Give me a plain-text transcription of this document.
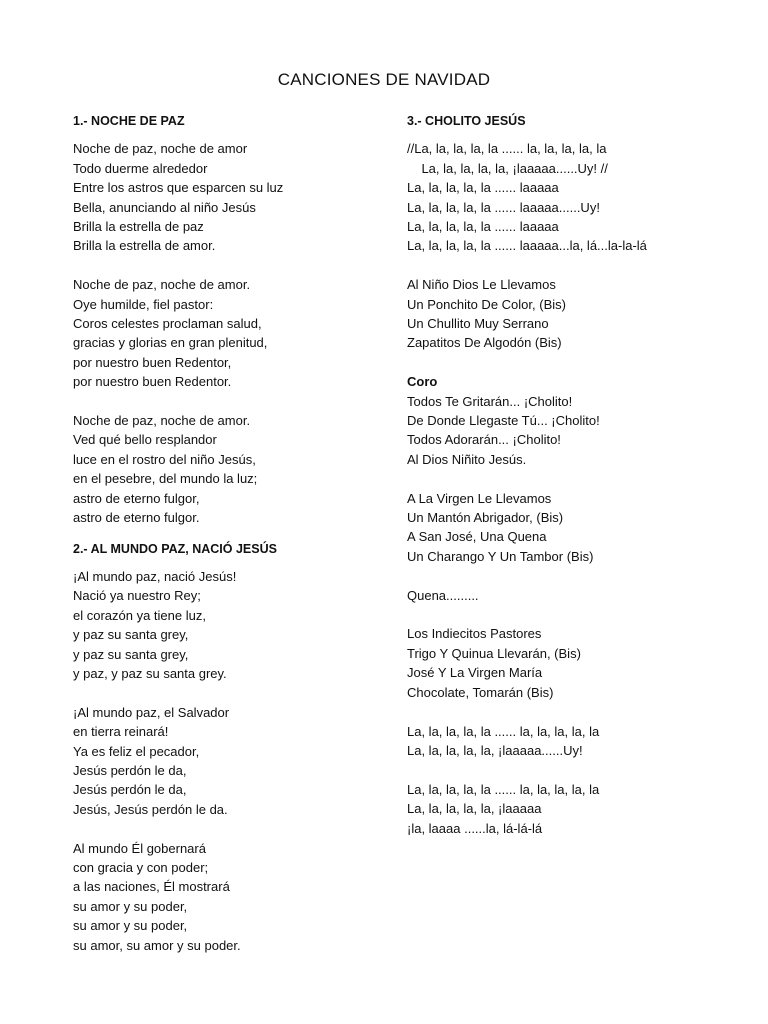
CANCIONES DE NAVIDAD
1.- NOCHE DE PAZ
Noche de paz, noche de amor
Todo duerme alrededor
Entre los astros que esparcen su luz
Bella, anunciando al niño Jesús
Brilla la estrella de paz
Brilla la estrella de amor.
Noche de paz, noche de amor.
Oye humilde, fiel pastor:
Coros celestes proclaman salud,
gracias y glorias en gran plenitud,
por nuestro buen Redentor,
por nuestro buen Redentor.
Noche de paz, noche de amor.
Ved qué bello resplandor
luce en el rostro del niño Jesús,
en el pesebre, del mundo la luz;
astro de eterno fulgor,
astro de eterno fulgor.
2.- AL MUNDO PAZ, NACIÓ JESÚS
¡Al mundo paz, nació Jesús!
Nació ya nuestro Rey;
el corazón ya tiene luz,
y paz su santa grey,
y paz su santa grey,
y paz, y paz su santa grey.
¡Al mundo paz, el Salvador
en tierra reinará!
Ya es feliz el pecador,
Jesús perdón le da,
Jesús perdón le da,
Jesús, Jesús perdón le da.
Al mundo Él gobernará
con gracia y con poder;
a las naciones, Él mostrará
su amor y su poder,
su amor y su poder,
su amor, su amor y su poder.
3.- CHOLITO JESÚS
//La, la, la, la, la ...... la, la, la, la, la
La, la, la, la, la, ¡laaaaa......Uy! //
La, la, la, la, la ...... laaaaa
La, la, la, la, la ...... laaaaa......Uy!
La, la, la, la, la ...... laaaaa
La, la, la, la, la ...... laaaaa...la, lá...la-la-lá
Al Niño Dios Le Llevamos
Un Ponchito De Color, (Bis)
Un Chullito Muy Serrano
Zapatitos De Algodón (Bis)
Coro
Todos Te Gritarán... ¡Cholito!
De Donde Llegaste Tú... ¡Cholito!
Todos Adorarán... ¡Cholito!
Al Dios Niñito Jesús.
A La Virgen Le Llevamos
Un Mantón Abrigador, (Bis)
A San José, Una Quena
Un Charango Y Un Tambor (Bis)
Quena.........
Los Indiecitos Pastores
Trigo Y Quinua Llevarán, (Bis)
José Y La Virgen María
Chocolate, Tomarán (Bis)
La, la, la, la, la ...... la, la, la, la, la
La, la, la, la, la, ¡laaaaa......Uy!
La, la, la, la, la ...... la, la, la, la, la
La, la, la, la, la, ¡laaaaa
¡la, laaaa ......la, lá-lá-lá
